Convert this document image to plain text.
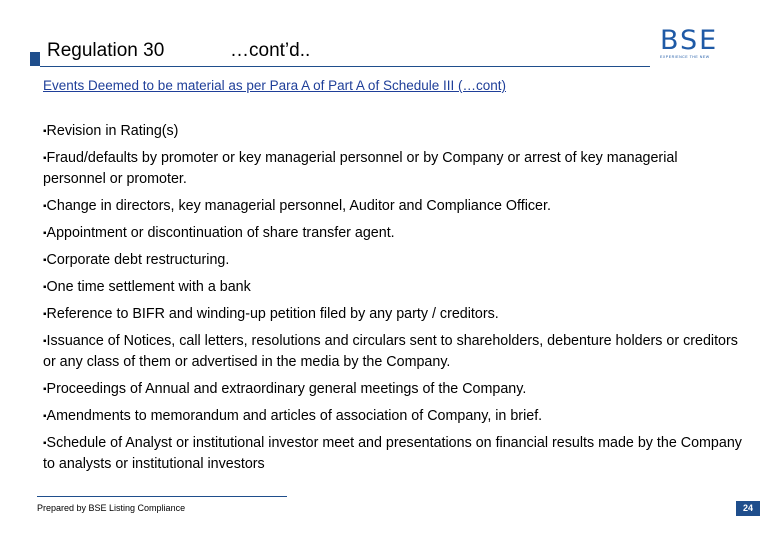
Regulation 30	…cont’d..	BSE
EXPERIENCE THE NEW
Events Deemed to be material as per Para A of Part A of Schedule III (…cont)
▪Revision in Rating(s)
▪Fraud/defaults by promoter or key managerial personnel or by Company or arrest of key managerial personnel or promoter.
▪Change in directors, key managerial personnel, Auditor and Compliance Officer.
▪Appointment or discontinuation of share transfer agent.
▪Corporate debt restructuring.
▪One time settlement with a bank
▪Reference to BIFR and winding-up petition filed by any party / creditors.
▪Issuance of Notices, call letters, resolutions and circulars sent to shareholders, debenture holders or creditors or any class of them or advertised in the media by the Company.
▪Proceedings of Annual and extraordinary general meetings of the Company.
▪Amendments to memorandum and articles of association of Company, in brief.
▪Schedule of Analyst or institutional investor meet and presentations on financial results made by the Company to analysts or institutional investors
Prepared by BSE Listing Compliance	24
